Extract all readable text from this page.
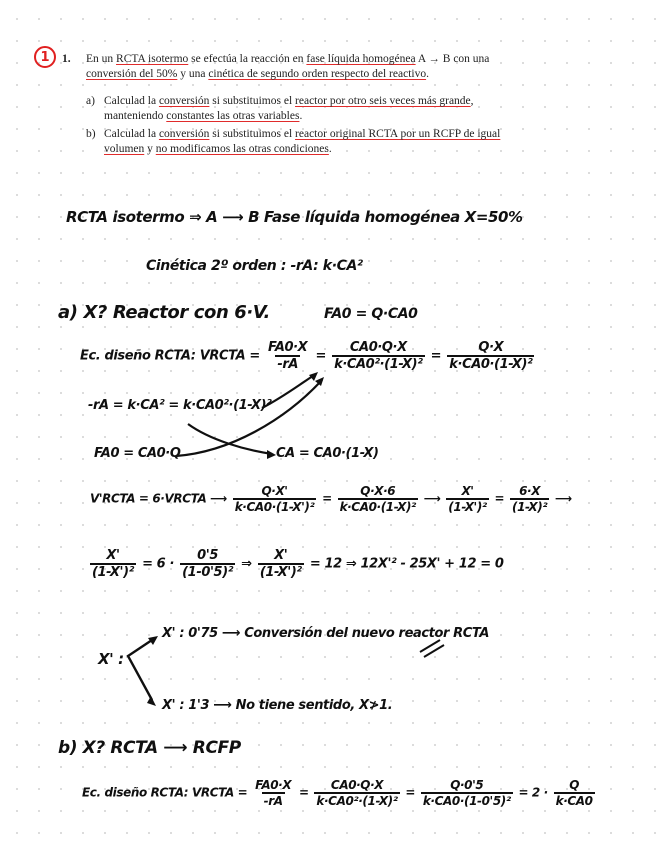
1	1. En un RCTA isotermo se efectúa la reacción en fase líquida homogénea A → B con una conversión del 50% y una cinética de segundo orden respecto del reactivo.
a) Calculad la conversión si substituimos el reactor por otro seis veces más grande, manteniendo constantes las otras variables.
b) Calculad la conversión si substituimos el reactor original RCTA por un RCFP de igual volumen y no modificamos las otras condiciones.
RCTA isotermo ⇒ A ⟶ B Fase líquida homogénea X=50%
Cinética 2º orden : -rA: k·CA²
a) X? Reactor con 6·V.	FA0 = Q·CA0
Ec. diseño RCTA: VRCTA = $\frac{FA0\cdot X}{-rA} = \frac{CA0\cdot Q\cdot X}{\text{k·CA0²·(1-X)²}} = \frac{Q\cdot X}{\text{k·CA0·(1-X)²}}$
-rA = k·CA² = k·CA0²·(1-X)²
FA0 = CA0·Q	CA = CA0·(1-X)
V'RCTA = 6·VRCTA ⟶ $\frac{Q\cdot X'}{\text{k·CA0·(1-X')²}} = \frac{Q\cdot X\cdot 6}{\text{k·CA0·(1-X)²}}$ ⟶ $\frac{X'}{\text{(1-X')²}} = \frac{6\cdot X}{\text{(1-X)²}}$ ⟶
$\frac{X'}{\text{(1-X')²}} = 6 \cdot \frac{0'5}{\text{(1-0'5)²}}$ ⇒ $\frac{X'}{\text{(1-X')²}} = 12$ ⇒ 12X'² - 25X' + 12 = 0
X' :
X' : 0'75 ⟶ Conversión del nuevo reactor RCTA
X' : 1'3 ⟶ No tiene sentido, X≯1.
b) X? RCTA ⟶ RCFP
Ec. diseño RCTA: VRCTA = $\frac{FA0\cdot X}{-rA} = \frac{CA0\cdot Q\cdot X}{\text{k·CA0²·(1-X)²}} = \frac{Q\cdot 0'5}{\text{k·CA0·(1-0'5)²}} = 2 \cdot \frac{Q}{k\cdot CA0}$
